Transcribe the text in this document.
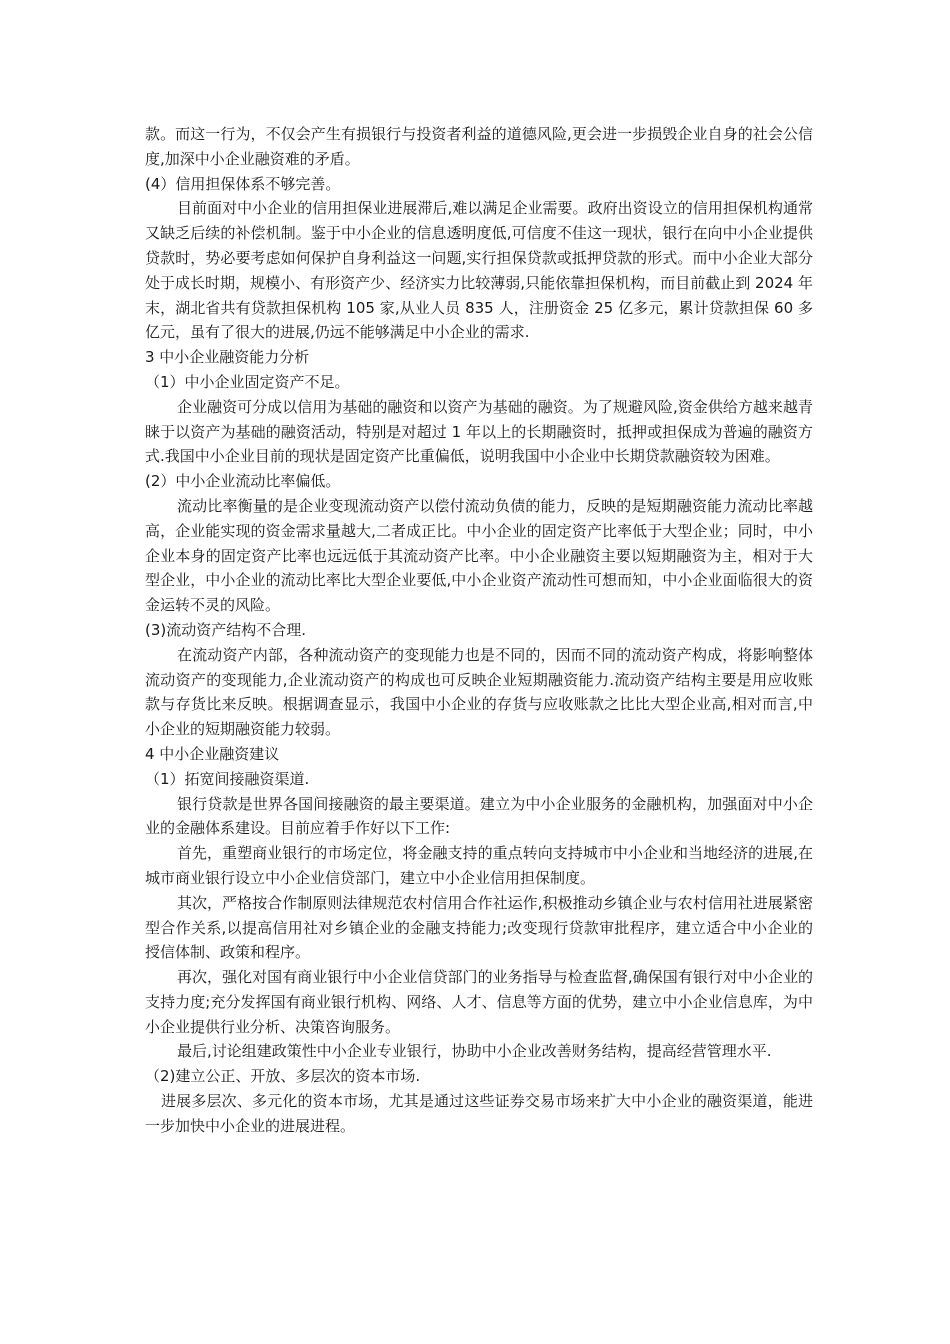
款。而这一行为，不仅会产生有损银行与投资者利益的道德风险,更会进一步损毁企业自身的社会公信度,加深中小企业融资难的矛盾。

(4）信用担保体系不够完善。

目前面对中小企业的信用担保业进展滞后,难以满足企业需要。政府出资设立的信用担保机构通常又缺乏后续的补偿机制。鉴于中小企业的信息透明度低,可信度不佳这一现状，银行在向中小企业提供贷款时，势必要考虑如何保护自身利益这一问题,实行担保贷款或抵押贷款的形式。而中小企业大部分处于成长时期，规模小、有形资产少、经济实力比较薄弱,只能依靠担保机构，而目前截止到 2024 年末，湖北省共有贷款担保机构 105 家,从业人员 835 人，注册资金 25 亿多元，累计贷款担保 60 多亿元，虽有了很大的进展,仍远不能够满足中小企业的需求.

3 中小企业融资能力分析

（1）中小企业固定资产不足。

企业融资可分成以信用为基础的融资和以资产为基础的融资。为了规避风险,资金供给方越来越青睐于以资产为基础的融资活动，特别是对超过 1 年以上的长期融资时，抵押或担保成为普遍的融资方式.我国中小企业目前的现状是固定资产比重偏低，说明我国中小企业中长期贷款融资较为困难。

(2）中小企业流动比率偏低。

流动比率衡量的是企业变现流动资产以偿付流动负债的能力，反映的是短期融资能力流动比率越高，企业能实现的资金需求量越大,二者成正比。中小企业的固定资产比率低于大型企业；同时，中小企业本身的固定资产比率也远远低于其流动资产比率。中小企业融资主要以短期融资为主，相对于大型企业，中小企业的流动比率比大型企业要低,中小企业资产流动性可想而知，中小企业面临很大的资金运转不灵的风险。

(3)流动资产结构不合理.

在流动资产内部，各种流动资产的变现能力也是不同的，因而不同的流动资产构成，将影响整体流动资产的变现能力,企业流动资产的构成也可反映企业短期融资能力.流动资产结构主要是用应收账款与存货比来反映。根据调查显示，我国中小企业的存货与应收账款之比比大型企业高,相对而言,中小企业的短期融资能力较弱。

4 中小企业融资建议

（1）拓宽间接融资渠道.

银行贷款是世界各国间接融资的最主要渠道。建立为中小企业服务的金融机构，加强面对中小企业的金融体系建设。目前应着手作好以下工作:

首先，重塑商业银行的市场定位，将金融支持的重点转向支持城市中小企业和当地经济的进展,在城市商业银行设立中小企业信贷部门，建立中小企业信用担保制度。

其次，严格按合作制原则法律规范农村信用合作社运作,积极推动乡镇企业与农村信用社进展紧密型合作关系,以提高信用社对乡镇企业的金融支持能力;改变现行贷款审批程序，建立适合中小企业的授信体制、政策和程序。

再次，强化对国有商业银行中小企业信贷部门的业务指导与检查监督,确保国有银行对中小企业的支持力度;充分发挥国有商业银行机构、网络、人才、信息等方面的优势，建立中小企业信息库，为中小企业提供行业分析、决策咨询服务。

最后,讨论组建政策性中小企业专业银行，协助中小企业改善财务结构，提高经营管理水平.

（2)建立公正、开放、多层次的资本市场.

进展多层次、多元化的资本市场，尤其是通过这些证券交易市场来扩大中小企业的融资渠道，能进一步加快中小企业的进展进程。
